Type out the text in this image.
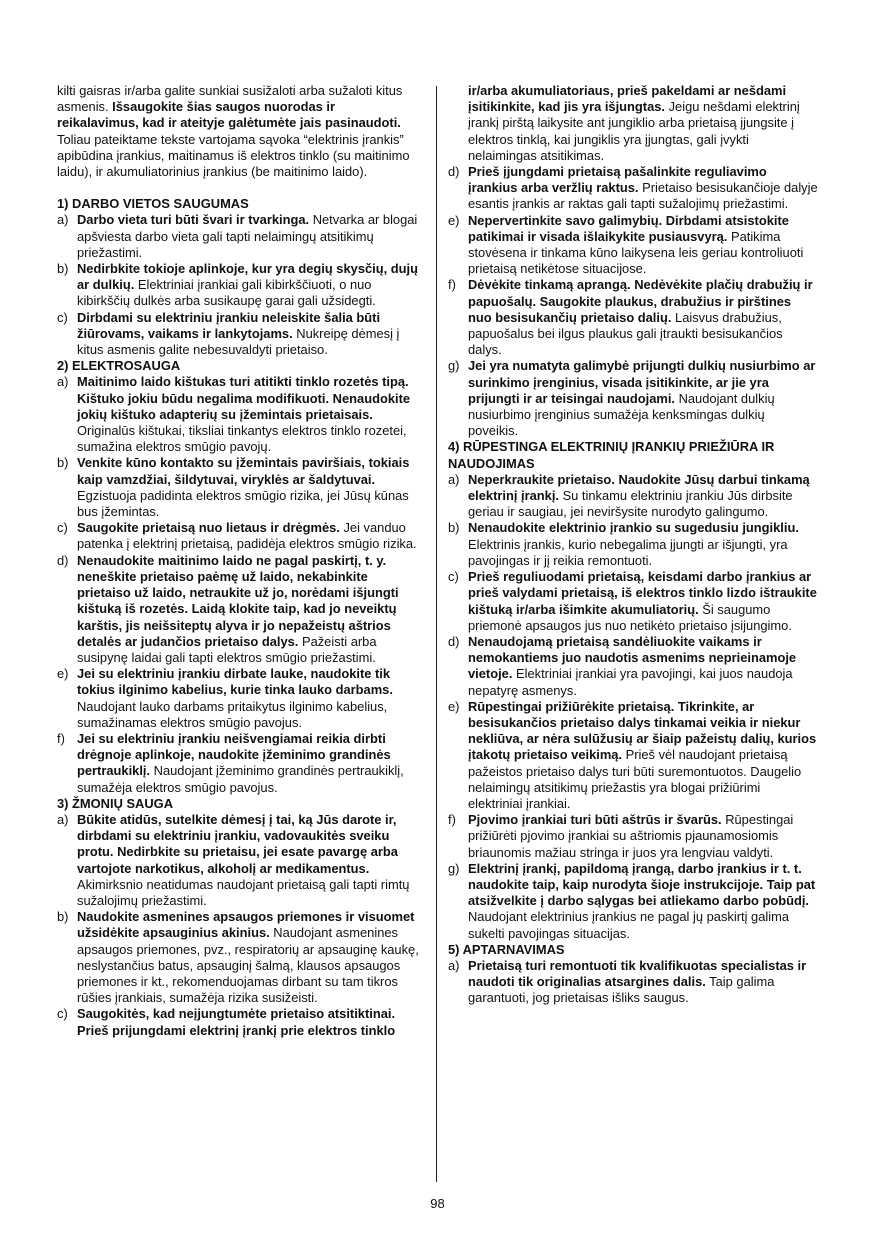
kilti gaisras ir/arba galite sunkiai susižaloti arba sužaloti kitus asmenis. Išsaugokite šias saugos nuorodas ir reikalavimus, kad ir ateityje galėtumėte jais pasinaudoti. Toliau pateiktame tekste vartojama sąvoka “elektrinis įrankis” apibūdina įrankius, maitinamus iš elektros tinklo (su maitinimo laidu), ir akumuliatorinius įrankius (be maitinimo laido).

1) DARBO VIETOS SAUGUMAS

a) Darbo vieta turi būti švari ir tvarkinga. Netvarka ar blogai apšviesta darbo vieta gali tapti nelaimingų atsitikimų priežastimi.
b) Nedirbkite tokioje aplinkoje, kur yra degių skysčių, dujų ar dulkių. Elektriniai įrankiai gali kibirkščiuoti, o nuo kibirkščių dulkės arba susikaupę garai gali užsidegti.
c) Dirbdami su elektriniu įrankiu neleiskite šalia būti žiūrovams, vaikams ir lankytojams. Nukreipę dėmesį į kitus asmenis galite nebesuvaldyti prietaiso.

2) ELEKTROSAUGA

a) Maitinimo laido kištukas turi atitikti tinklo rozetės tipą. Kištuko jokiu būdu negalima modifikuoti. Nenaudokite jokių kištuko adapterių su įžemintais prietaisais. Originalūs kištukai, tiksliai tinkantys elektros tinklo rozetei, sumažina elektros smūgio pavojų.
b) Venkite kūno kontakto su įžemintais paviršiais, tokiais kaip vamzdžiai, šildytuvai, viryklės ar šaldytuvai. Egzistuoja padidinta elektros smūgio rizika, jei Jūsų kūnas bus įžemintas.
c) Saugokite prietaisą nuo lietaus ir drėgmės. Jei vanduo patenka į elektrinį prietaisą, padidėja elektros smūgio rizika.
d) Nenaudokite maitinimo laido ne pagal paskirtį, t. y. neneškite prietaiso paėmę už laido, nekabinkite prietaiso už laido, netraukite už jo, norėdami išjungti kištuką iš rozetės. Laidą klokite taip, kad jo neveiktų karštis, jis neišsiteptų alyva ir jo nepažeistų aštrios detalės ar judančios prietaiso dalys. Pažeisti arba susipynę laidai gali tapti elektros smūgio priežastimi.
e) Jei su elektriniu įrankiu dirbate lauke, naudokite tik tokius ilginimo kabelius, kurie tinka lauko darbams. Naudojant lauko darbams pritaikytus ilginimo kabelius, sumažinamas elektros smūgio pavojus.
f) Jei su elektriniu įrankiu neišvengiamai reikia dirbti drėgnoje aplinkoje, naudokite įžeminimo grandinės pertraukiklį. Naudojant įžeminimo grandinės pertraukiklį, sumažėja elektros smūgio pavojus.

3) ŽMONIŲ SAUGA

a) Būkite atidūs, sutelkite dėmesį į tai, ką Jūs darote ir, dirbdami su elektriniu įrankiu, vadovaukitės sveiku protu. Nedirbkite su prietaisu, jei esate pavargę arba vartojote narkotikus, alkoholį ar medikamentus. Akimirksnio neatidumas naudojant prietaisą gali tapti rimtų sužalojimų priežastimi.
b) Naudokite asmenines apsaugos priemones ir visuomet užsidėkite apsauginius akinius. Naudojant asmenines apsaugos priemones, pvz., respiratorių ar apsauginę kaukę, neslystančius batus, apsauginį šalmą, klausos apsaugos priemones ir kt., rekomenduojamas dirbant su tam tikros rūšies įrankiais, sumažėja rizika susižeisti.
c) Saugokitės, kad neįjungtumėte prietaiso atsitiktinai. Prieš prijungdami elektrinį įrankį prie elektros tinklo
ir/arba akumuliatoriaus, prieš pakeldami ar nešdami įsitikinkite, kad jis yra išjungtas. Jeigu nešdami elektrinį įrankį pirštą laikysite ant jungiklio arba prietaisą įjungsite į elektros tinklą, kai jungiklis yra įjungtas, gali įvykti nelaimingas atsitikimas.
d) Prieš įjungdami prietaisą pašalinkite reguliavimo įrankius arba veržlių raktus. Prietaiso besisukančioje dalyje esantis įrankis ar raktas gali tapti sužalojimų priežastimi.
e) Nepervertinkite savo galimybių. Dirbdami atsistokite patikimai ir visada išlaikykite pusiausvyrą. Patikima stovėsena ir tinkama kūno laikysena leis geriau kontroliuoti prietaisą netikėtose situacijose.
f) Dėvėkite tinkamą aprangą. Nedėvėkite plačių drabužių ir papuošalų. Saugokite plaukus, drabužius ir pirštines nuo besisukančių prietaiso dalių. Laisvus drabužius, papuošalus bei ilgus plaukus gali įtraukti besisukančios dalys.
g) Jei yra numatyta galimybė prijungti dulkių nusiurbimo ar surinkimo įrenginius, visada įsitikinkite, ar jie yra prijungti ir ar teisingai naudojami. Naudojant dulkių nusiurbimo įrenginius sumažėja kenksmingas dulkių poveikis.

4) RŪPESTINGA ELEKTRINIŲ ĮRANKIŲ PRIEŽIŪRA IR NAUDOJIMAS

a) Neperkraukite prietaiso. Naudokite Jūsų darbui tinkamą elektrinį įrankį. Su tinkamu elektriniu įrankiu Jūs dirbsite geriau ir saugiau, jei neviršysite nurodyto galingumo.
b) Nenaudokite elektrinio įrankio su sugedusiu jungikliu. Elektrinis įrankis, kurio nebegalima įjungti ar išjungti, yra pavojingas ir jį reikia remontuoti.
c) Prieš reguliuodami prietaisą, keisdami darbo įrankius ar prieš valydami prietaisą, iš elektros tinklo lizdo ištraukite kištuką ir/arba išimkite akumuliatorių. Ši saugumo priemonė apsaugos jus nuo netikėto prietaiso įsijungimo.
d) Nenaudojamą prietaisą sandėliuokite vaikams ir nemokantiems juo naudotis asmenims neprieinamoje vietoje. Elektriniai įrankiai yra pavojingi, kai juos naudoja nepatyrę asmenys.
e) Rūpestingai prižiūrėkite prietaisą. Tikrinkite, ar besisukančios prietaiso dalys tinkamai veikia ir niekur nekliūva, ar nėra sulūžusių ar šiaip pažeistų dalių, kurios įtakotų prietaiso veikimą. Prieš vėl naudojant prietaisą pažeistos prietaiso dalys turi būti suremontuotos. Daugelio nelaimingų atsitikimų priežastis yra blogai prižiūrimi elektriniai įrankiai.
f) Pjovimo įrankiai turi būti aštrūs ir švarūs. Rūpestingai prižiūrėti pjovimo įrankiai su aštriomis pjaunamosiomis briaunomis mažiau stringa ir juos yra lengviau valdyti.
g) Elektrinį įrankį, papildomą įrangą, darbo įrankius ir t. t. naudokite taip, kaip nurodyta šioje instrukcijoje. Taip pat atsižvelkite į darbo sąlygas bei atliekamo darbo pobūdį. Naudojant elektrinius įrankius ne pagal jų paskirtį galima sukelti pavojingas situacijas.

5) APTARNAVIMAS

a) Prietaisą turi remontuoti tik kvalifikuotas specialistas ir naudoti tik originalias atsargines dalis. Taip galima garantuoti, jog prietaisas išliks saugus.
98
